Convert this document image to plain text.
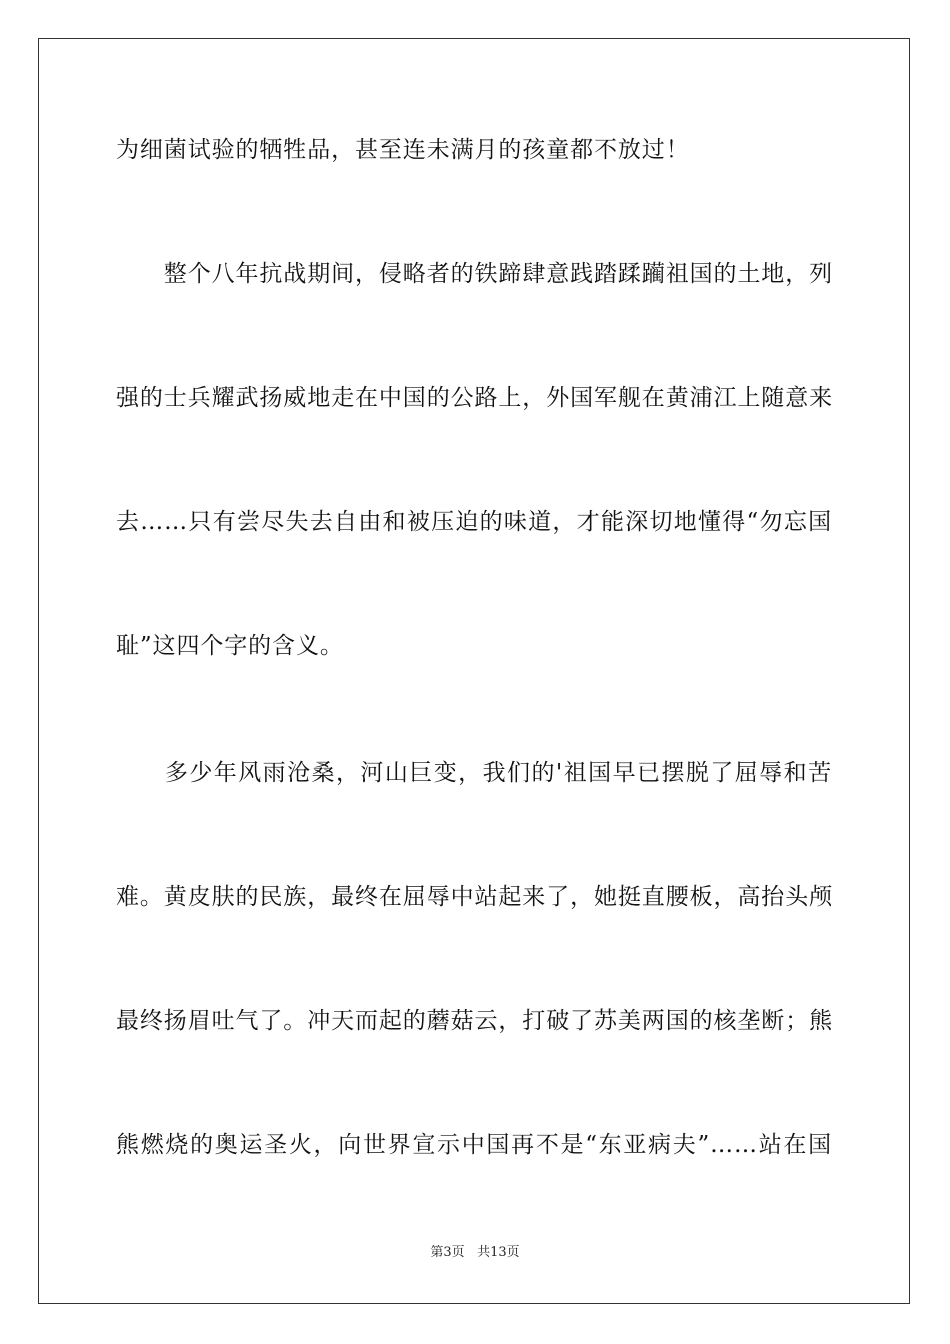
为细菌试验的牺牲品，甚至连未满月的孩童都不放过！
　　整个八年抗战期间，侵略者的铁蹄肆意践踏蹂躏祖国的土地，列
强的士兵耀武扬威地走在中国的公路上，外国军舰在黄浦江上随意来
去……只有尝尽失去自由和被压迫的味道，才能深切地懂得“勿忘国
耻”这四个字的含义。
　　多少年风雨沧桑，河山巨变，我们的'祖国早已摆脱了屈辱和苦
难。黄皮肤的民族，最终在屈辱中站起来了，她挺直腰板，高抬头颅
最终扬眉吐气了。冲天而起的蘑菇云，打破了苏美两国的核垄断；熊
熊燃烧的奥运圣火，向世界宣示中国再不是“东亚病夫”……站在国
第3页 共13页
